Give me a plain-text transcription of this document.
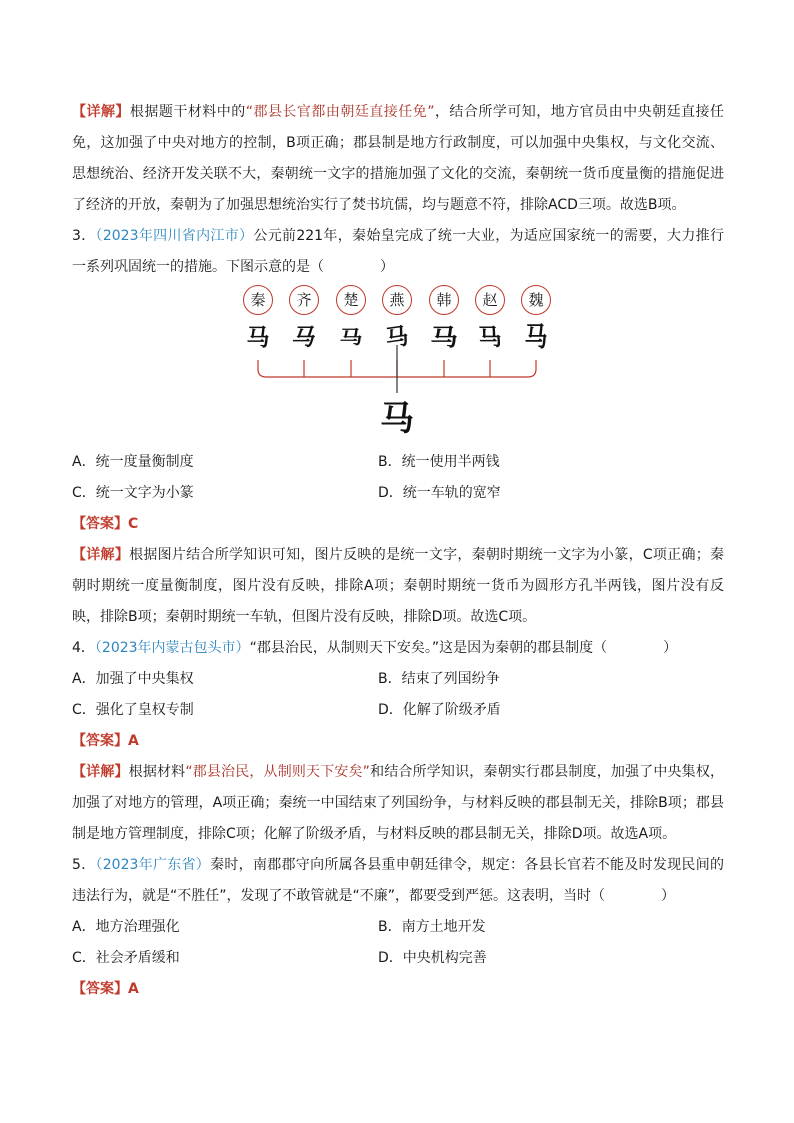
【详解】根据题干材料中的“郡县长官都由朝廷直接任免”，结合所学可知，地方官员由中央朝廷直接任免，这加强了中央对地方的控制，B项正确；郡县制是地方行政制度，可以加强中央集权，与文化交流、思想统治、经济开发关联不大，秦朝统一文字的措施加强了文化的交流，秦朝统一货币度量衡的措施促进了经济的开放，秦朝为了加强思想统治实行了焚书坑儒，均与题意不符，排除ACD三项。故选B项。

3．（2023年四川省内江市）公元前221年，秦始皇完成了统一大业，为适应国家统一的需要，大力推行一系列巩固统一的措施。下图示意的是（　　　　）

秦	齐	楚	燕	韩	赵	魏
马 马 马 马 马 马 马
马

A．统一度量衡制度	B．统一使用半两钱

C．统一文字为小篆	D．统一车轨的宽窄

【答案】C

【详解】根据图片结合所学知识可知，图片反映的是统一文字，秦朝时期统一文字为小篆，C项正确；秦朝时期统一度量衡制度，图片没有反映，排除A项；秦朝时期统一货币为圆形方孔半两钱，图片没有反映，排除B项；秦朝时期统一车轨，但图片没有反映，排除D项。故选C项。

4．（2023年内蒙古包头市）“郡县治民，从制则天下安矣。”这是因为秦朝的郡县制度（　　　　）

A．加强了中央集权	B．结束了列国纷争

C．强化了皇权专制	D．化解了阶级矛盾

【答案】A

【详解】根据材料“郡县治民，从制则天下安矣”和结合所学知识，秦朝实行郡县制度，加强了中央集权，加强了对地方的管理，A项正确；秦统一中国结束了列国纷争，与材料反映的郡县制无关，排除B项；郡县制是地方管理制度，排除C项；化解了阶级矛盾，与材料反映的郡县制无关，排除D项。故选A项。

5．（2023年广东省）秦时，南郡郡守向所属各县重申朝廷律令，规定：各县长官若不能及时发现民间的违法行为，就是“不胜任”，发现了不敢管就是“不廉”，都要受到严惩。这表明，当时（　　　　）

A．地方治理强化	B．南方土地开发

C．社会矛盾缓和	D．中央机构完善

【答案】A
